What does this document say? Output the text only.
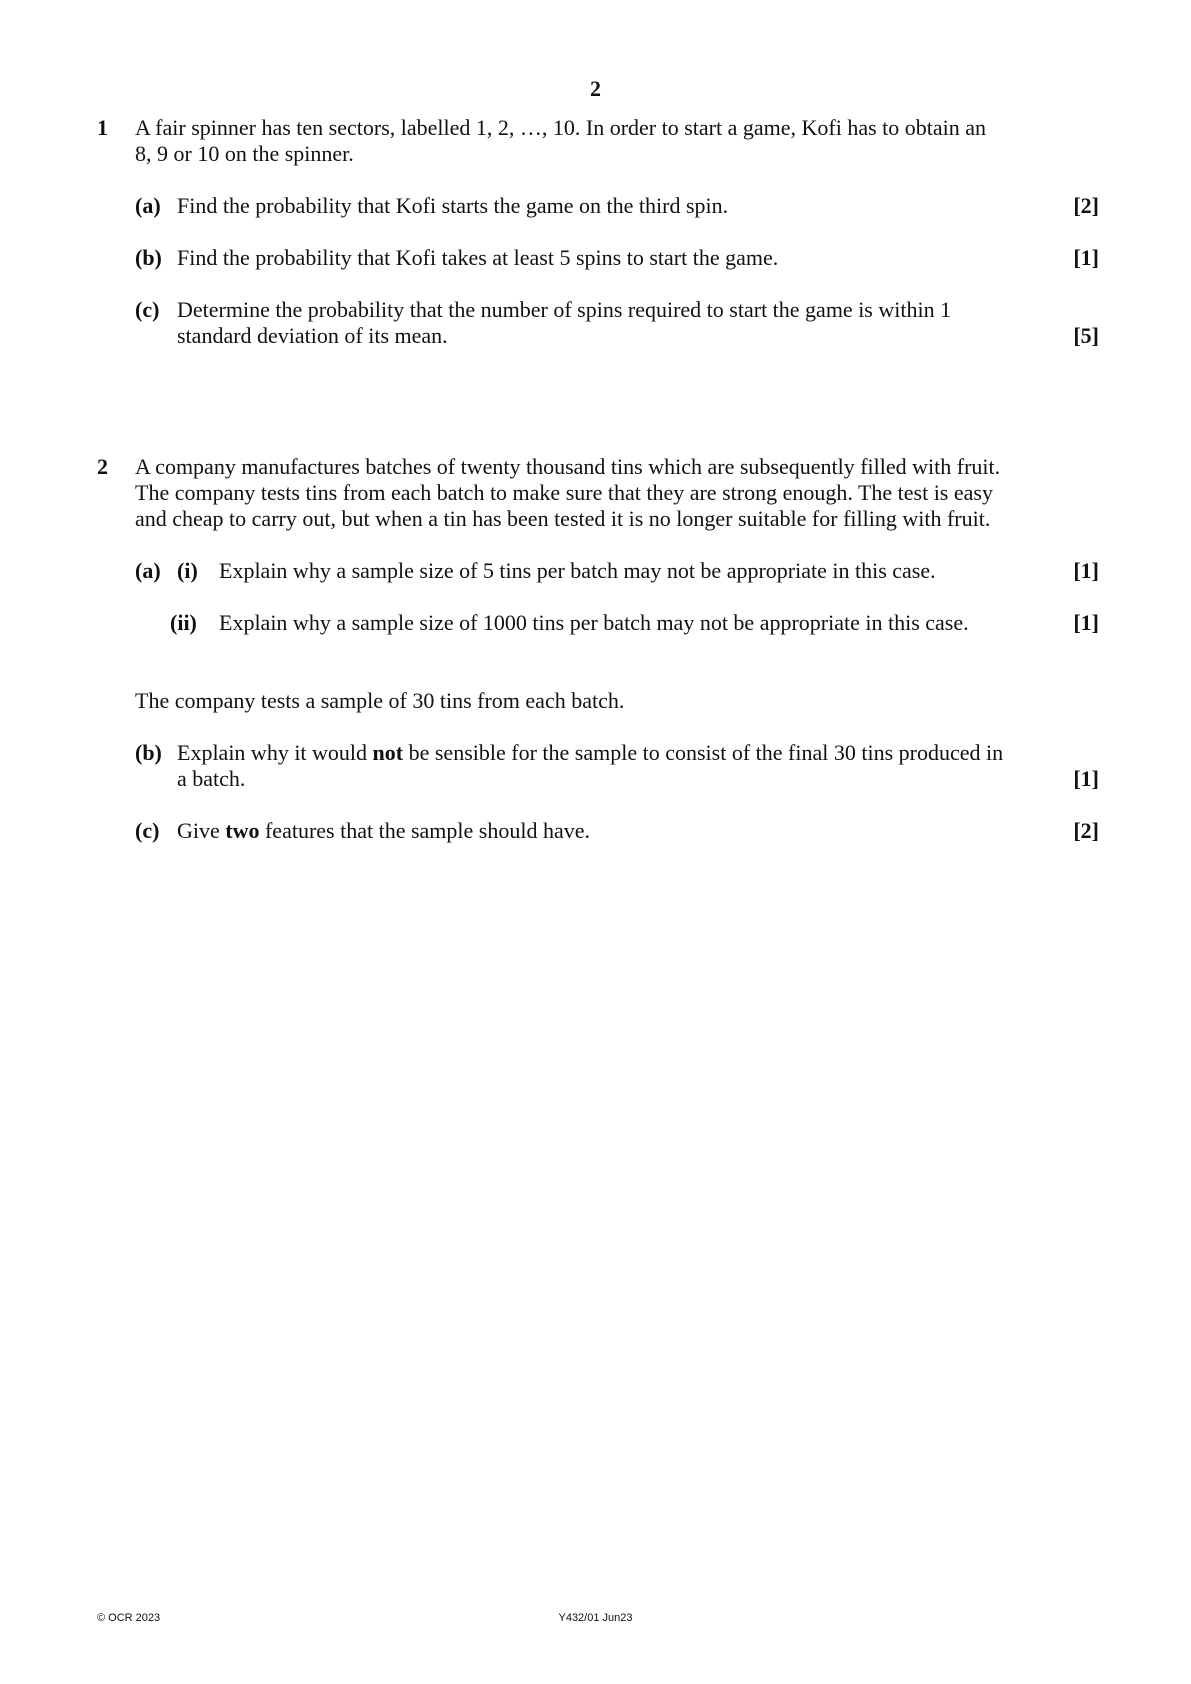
2
1 A fair spinner has ten sectors, labelled 1, 2, …, 10. In order to start a game, Kofi has to obtain an
8, 9 or 10 on the spinner.
(a) Find the probability that Kofi starts the game on the third spin.	[2]
(b) Find the probability that Kofi takes at least 5 spins to start the game.	[1]
(c) Determine the probability that the number of spins required to start the game is within 1
standard deviation of its mean.	[5]
2 A company manufactures batches of twenty thousand tins which are subsequently filled with fruit.
The company tests tins from each batch to make sure that they are strong enough. The test is easy
and cheap to carry out, but when a tin has been tested it is no longer suitable for filling with fruit.
(a) (i) Explain why a sample size of 5 tins per batch may not be appropriate in this case.	[1]
(ii) Explain why a sample size of 1000 tins per batch may not be appropriate in this case.	[1]
The company tests a sample of 30 tins from each batch.
(b) Explain why it would not be sensible for the sample to consist of the final 30 tins produced in
a batch.	[1]
(c) Give two features that the sample should have.	[2]
© OCR 2023	Y432/01 Jun23
